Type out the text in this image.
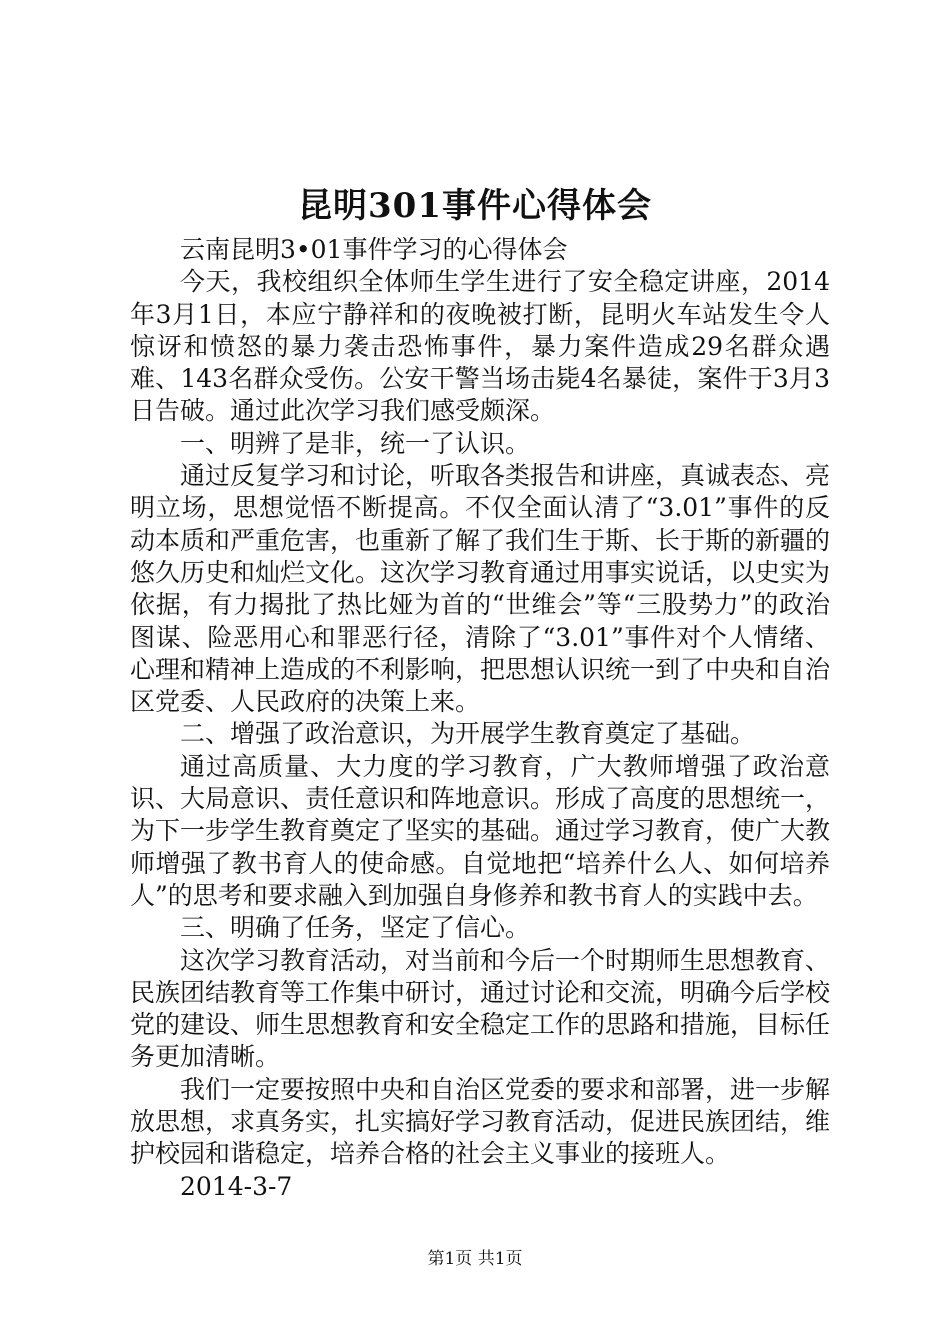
昆明301事件心得体会

云南昆明3•01事件学习的心得体会

今天，我校组织全体师生学生进行了安全稳定讲座，2014年3月1日，本应宁静祥和的夜晚被打断，昆明火车站发生令人惊讶和愤怒的暴力袭击恐怖事件，暴力案件造成29名群众遇难、143名群众受伤。公安干警当场击毙4名暴徒，案件于3月3日告破。通过此次学习我们感受颇深。

一、明辨了是非，统一了认识。

通过反复学习和讨论，听取各类报告和讲座，真诚表态、亮明立场，思想觉悟不断提高。不仅全面认清了“3.01”事件的反动本质和严重危害，也重新了解了我们生于斯、长于斯的新疆的悠久历史和灿烂文化。这次学习教育通过用事实说话，以史实为依据，有力揭批了热比娅为首的“世维会”等“三股势力”的政治图谋、险恶用心和罪恶行径，清除了“3.01”事件对个人情绪、心理和精神上造成的不利影响，把思想认识统一到了中央和自治区党委、人民政府的决策上来。

二、增强了政治意识，为开展学生教育奠定了基础。

通过高质量、大力度的学习教育，广大教师增强了政治意识、大局意识、责任意识和阵地意识。形成了高度的思想统一，为下一步学生教育奠定了坚实的基础。通过学习教育，使广大教师增强了教书育人的使命感。自觉地把“培养什么人、如何培养人”的思考和要求融入到加强自身修养和教书育人的实践中去。

三、明确了任务，坚定了信心。

这次学习教育活动，对当前和今后一个时期师生思想教育、民族团结教育等工作集中研讨，通过讨论和交流，明确今后学校党的建设、师生思想教育和安全稳定工作的思路和措施，目标任务更加清晰。

我们一定要按照中央和自治区党委的要求和部署，进一步解放思想，求真务实，扎实搞好学习教育活动，促进民族团结，维护校园和谐稳定，培养合格的社会主义事业的接班人。

2014-3-7

第1页 共1页
